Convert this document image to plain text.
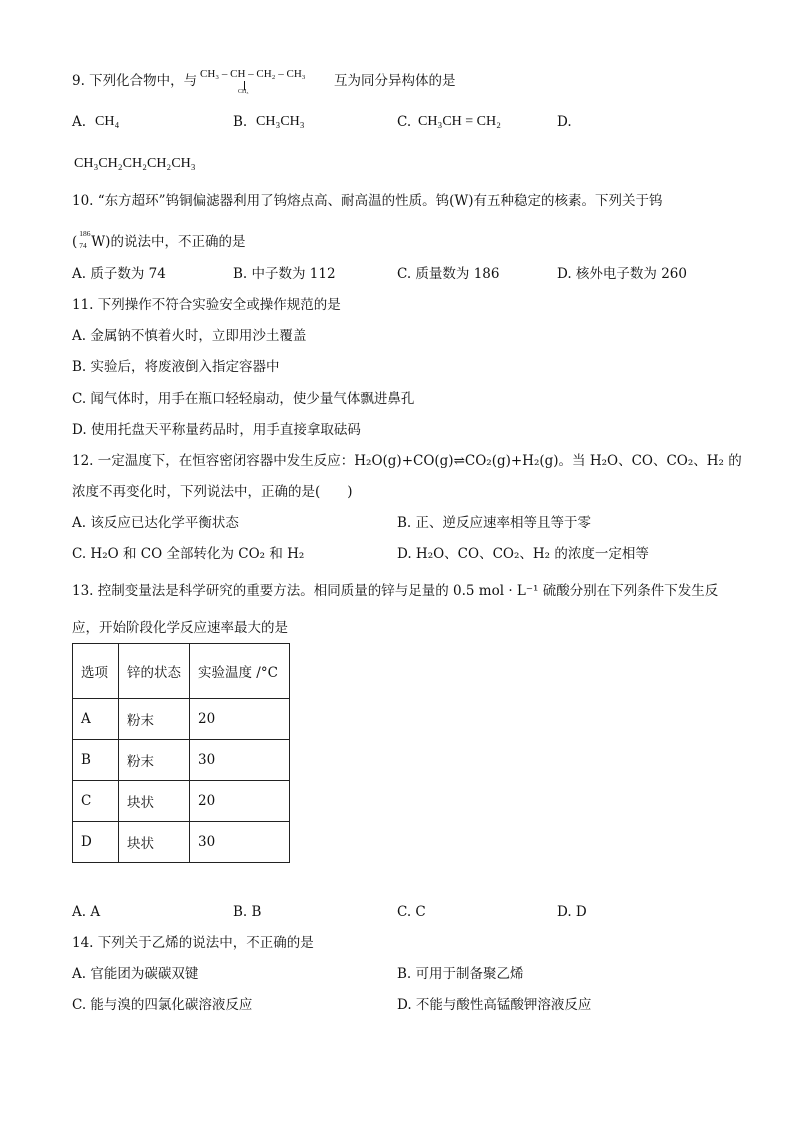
9. 下列化合物中，与 CH₃ – CH – CH₂ – CH₃
CH₃
互为同分异构体的是
A. CH₄	B. CH₃CH₃	C. CH₃CH = CH₂	D.
CH₃CH₂CH₂CH₂CH₃
10. “东方超环”钨铜偏滤器利用了钨熔点高、耐高温的性质。钨(W)有五种稳定的核素。下列关于钨
(
186
74 W)的说法中，不正确的是
A. 质子数为 74	B. 中子数为 112	C. 质量数为 186	D. 核外电子数为 260
11. 下列操作不符合实验安全或操作规范的是
A. 金属钠不慎着火时，立即用沙土覆盖
B. 实验后，将废液倒入指定容器中
C. 闻气体时，用手在瓶口轻轻扇动，使少量气体飘进鼻孔
D. 使用托盘天平称量药品时，用手直接拿取砝码
12. 一定温度下，在恒容密闭容器中发生反应：H₂O(g)+CO(g)⇌CO₂(g)+H₂(g)。当 H₂O、CO、CO₂、H₂ 的
浓度不再变化时，下列说法中，正确的是(　　)
A. 该反应已达化学平衡状态	B. 正、逆反应速率相等且等于零
C. H₂O 和 CO 全部转化为 CO₂ 和 H₂	D. H₂O、CO、CO₂、H₂ 的浓度一定相等
13. 控制变量法是科学研究的重要方法。相同质量的锌与足量的 0.5 mol · L⁻¹ 硫酸分别在下列条件下发生反
应，开始阶段化学反应速率最大的是
选项	锌的状态	实验温度 /°C
A	粉末	20
B	粉末	30
C	块状	20
D	块状	30
A. A	B. B	C. C	D. D
14. 下列关于乙烯的说法中，不正确的是
A. 官能团为碳碳双键	B. 可用于制备聚乙烯
C. 能与溴的四氯化碳溶液反应	D. 不能与酸性高锰酸钾溶液反应
